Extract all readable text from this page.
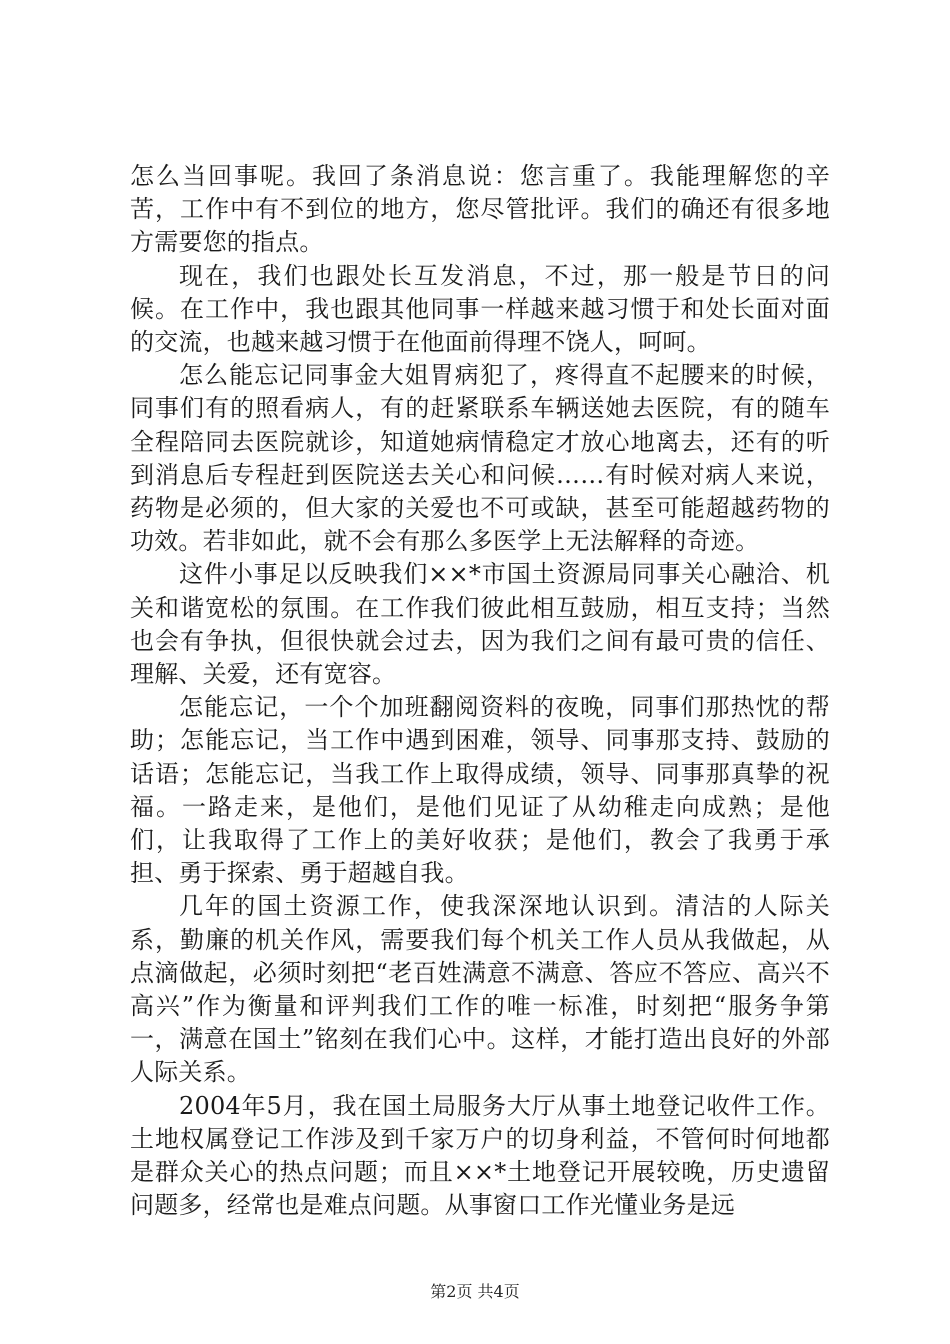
怎么当回事呢。我回了条消息说：您言重了。我能理解您的辛苦，工作中有不到位的地方，您尽管批评。我们的确还有很多地方需要您的指点。

现在，我们也跟处长互发消息，不过，那一般是节日的问候。在工作中，我也跟其他同事一样越来越习惯于和处长面对面的交流，也越来越习惯于在他面前得理不饶人，呵呵。

怎么能忘记同事金大姐胃病犯了，疼得直不起腰来的时候，同事们有的照看病人，有的赶紧联系车辆送她去医院，有的随车全程陪同去医院就诊，知道她病情稳定才放心地离去，还有的听到消息后专程赶到医院送去关心和问候……有时候对病人来说，药物是必须的，但大家的关爱也不可或缺，甚至可能超越药物的功效。若非如此，就不会有那么多医学上无法解释的奇迹。

这件小事足以反映我们××*市国土资源局同事关心融洽、机关和谐宽松的氛围。在工作我们彼此相互鼓励，相互支持；当然也会有争执，但很快就会过去，因为我们之间有最可贵的信任、理解、关爱，还有宽容。

怎能忘记，一个个加班翻阅资料的夜晚，同事们那热忱的帮助；怎能忘记，当工作中遇到困难，领导、同事那支持、鼓励的话语；怎能忘记，当我工作上取得成绩，领导、同事那真挚的祝福。一路走来，是他们，是他们见证了从幼稚走向成熟；是他们，让我取得了工作上的美好收获；是他们，教会了我勇于承担、勇于探索、勇于超越自我。

几年的国土资源工作，使我深深地认识到。清洁的人际关系，勤廉的机关作风，需要我们每个机关工作人员从我做起，从点滴做起，必须时刻把“老百姓满意不满意、答应不答应、高兴不高兴”作为衡量和评判我们工作的唯一标准，时刻把“服务争第一，满意在国土”铭刻在我们心中。这样，才能打造出良好的外部人际关系。

2004年5月，我在国土局服务大厅从事土地登记收件工作。土地权属登记工作涉及到千家万户的切身利益，不管何时何地都是群众关心的热点问题；而且××*土地登记开展较晚，历史遗留问题多，经常也是难点问题。从事窗口工作光懂业务是远

第2页 共4页
